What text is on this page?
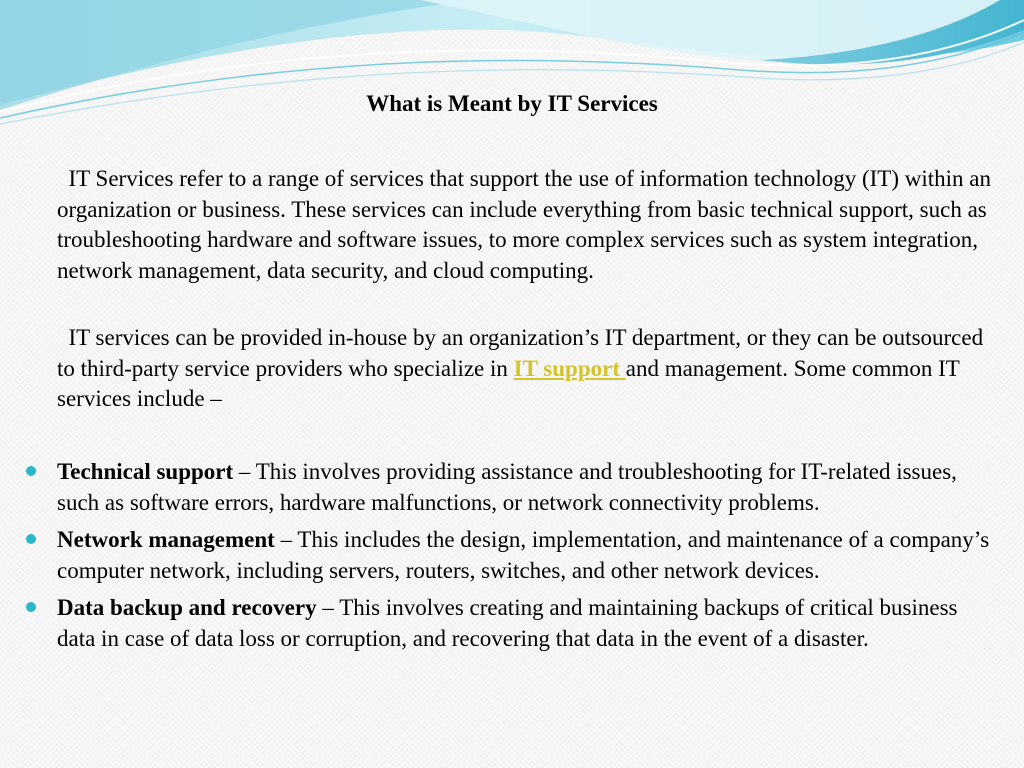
What is Meant by IT Services

IT Services refer to a range of services that support the use of information technology (IT) within an organization or business. These services can include everything from basic technical support, such as troubleshooting hardware and software issues, to more complex services such as system integration, network management, data security, and cloud computing.

IT services can be provided in-house by an organization’s IT department, or they can be outsourced to third-party service providers who specialize in IT support and management. Some common IT services include –

Technical support – This involves providing assistance and troubleshooting for IT-related issues, such as software errors, hardware malfunctions, or network connectivity problems.
Network management – This includes the design, implementation, and maintenance of a company’s computer network, including servers, routers, switches, and other network devices.
Data backup and recovery – This involves creating and maintaining backups of critical business data in case of data loss or corruption, and recovering that data in the event of a disaster.
